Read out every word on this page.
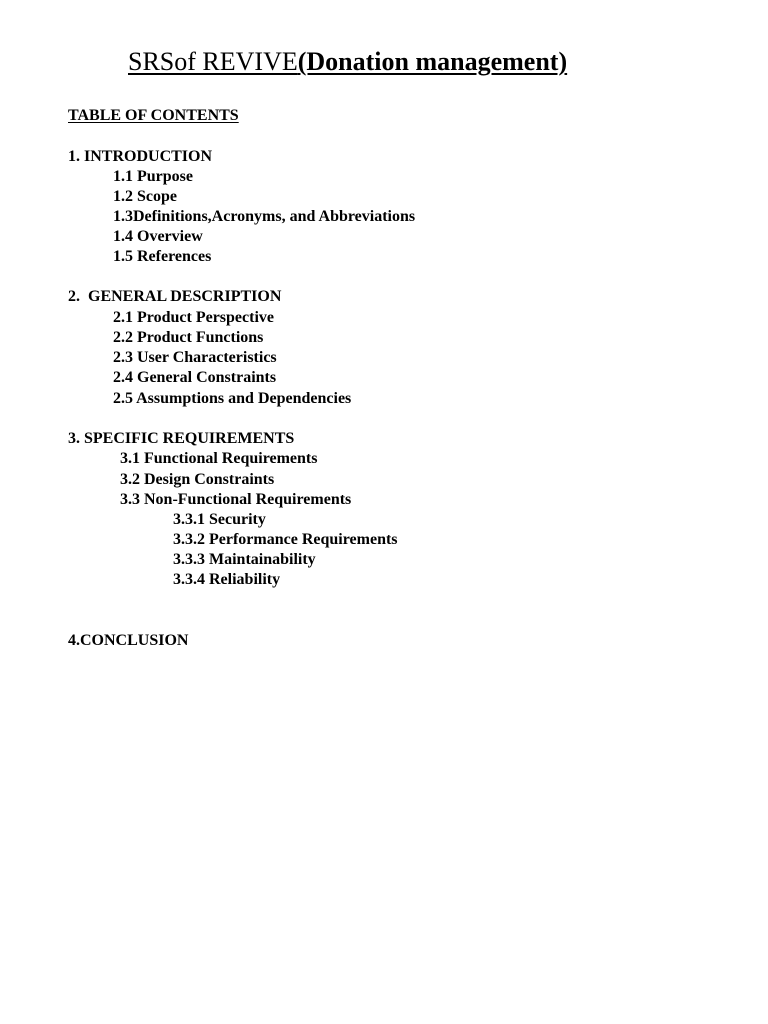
SRSof REVIVE(Donation management)
TABLE OF CONTENTS
1. INTRODUCTION
1.1 Purpose
1.2 Scope
1.3Definitions,Acronyms, and Abbreviations
1.4 Overview
1.5 References
2.  GENERAL DESCRIPTION
2.1 Product Perspective
2.2 Product Functions
2.3 User Characteristics
2.4 General Constraints
2.5 Assumptions and Dependencies
3. SPECIFIC REQUIREMENTS
3.1 Functional Requirements
3.2 Design Constraints
3.3 Non-Functional Requirements
3.3.1 Security
3.3.2 Performance Requirements
3.3.3 Maintainability
3.3.4 Reliability
4.CONCLUSION
